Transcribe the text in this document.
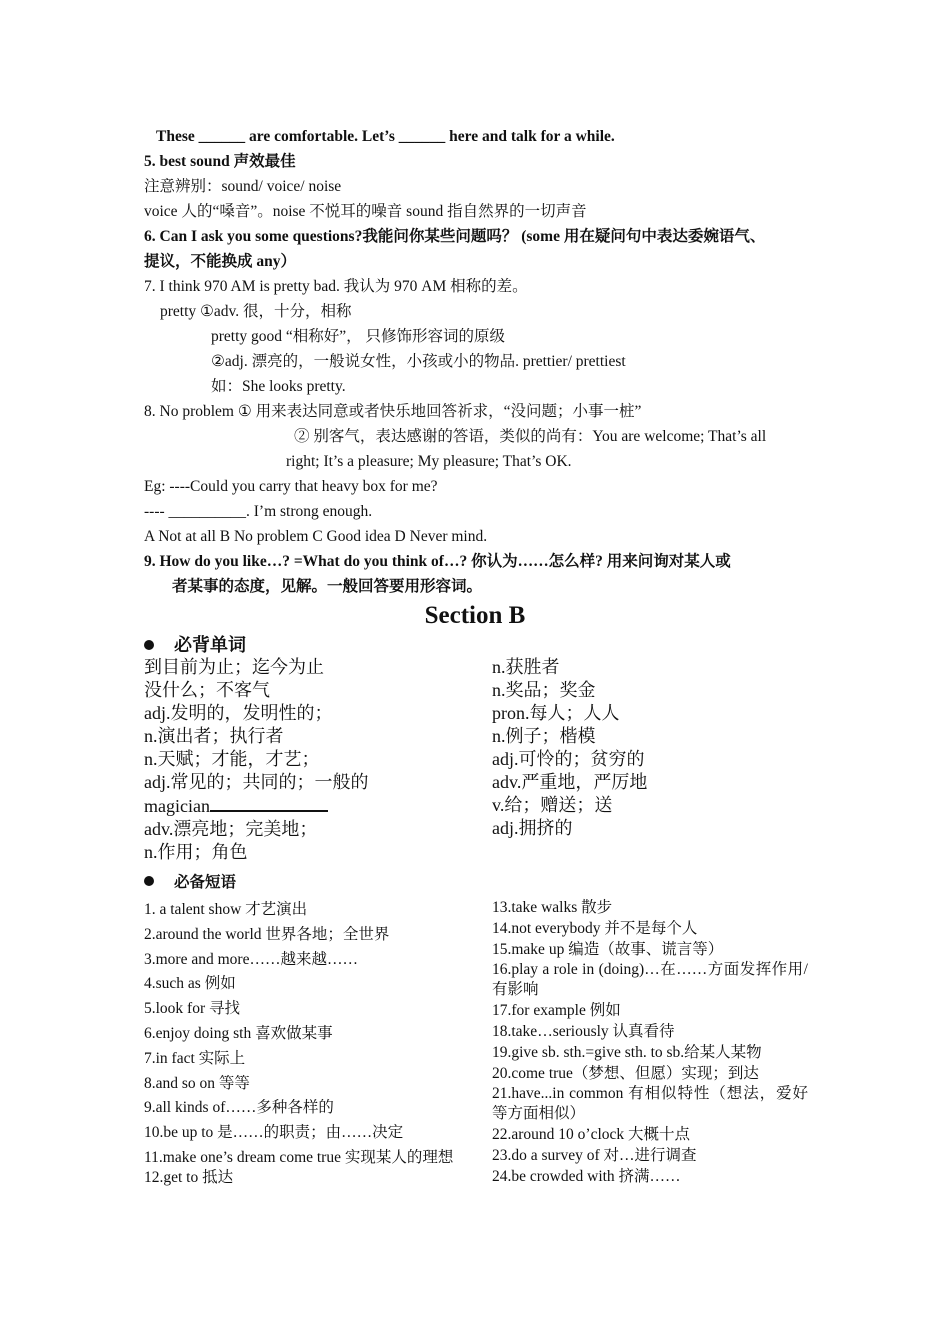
These ______ are comfortable. Let’s ______ here and talk for a while.
5. best sound 声效最佳
注意辨别：sound/ voice/ noise
voice 人的“嗓音”。noise 不悦耳的噪音 sound 指自然界的一切声音
6. Can I ask you some questions?我能问你某些问题吗？ (some 用在疑问句中表达委婉语气、
提议，不能换成 any）
7. I think 970 AM is pretty bad. 我认为 970 AM 相称的差。
pretty ①adv. 很，十分，相称
pretty good “相称好”， 只修饰形容词的原级
②adj. 漂亮的，一般说女性，小孩或小的物品. prettier/ prettiest
如：She looks pretty.
8. No problem ① 用来表达同意或者快乐地回答祈求，“没问题；小事一桩”
② 别客气，表达感谢的答语，类似的尚有：You are welcome; That’s all
right; It’s a pleasure; My pleasure; That’s OK.
Eg: ----Could you carry that heavy box for me?
---- __________. I’m strong enough.
A Not at all B No problem C Good idea D Never mind.
9. How do you like…? =What do you think of…? 你认为……怎么样? 用来问询对某人或
者某事的态度，见解。一般回答要用形容词。
Section B
必背单词
到目前为止；迄今为止
没什么；不客气
adj.发明的，发明性的；
n.演出者；执行者
n.天赋；才能，才艺；
adj.常见的；共同的；一般的
magician
adv.漂亮地；完美地；
n.作用；角色
n.获胜者
n.奖品；奖金
pron.每人；人人
n.例子；楷模
adj.可怜的；贫穷的
adv.严重地，严厉地
v.给；赠送；送
adj.拥挤的
必备短语
1. a talent show 才艺演出
2.around the world 世界各地；全世界
3.more and more……越来越……
4.such as 例如
5.look for 寻找
6.enjoy doing sth 喜欢做某事
7.in fact 实际上
8.and so on 等等
9.all kinds of……多种各样的
10.be up to 是……的职责；由……决定
11.make one’s dream come true 实现某人的理想
12.get to 抵达
13.take walks 散步
14.not everybody 并不是每个人
15.make up 编造（故事、谎言等）
16.play a role in (doing)…在……方面发挥作用/有影响
17.for example 例如
18.take…seriously 认真看待
19.give sb. sth.=give sth. to sb.给某人某物
20.come true（梦想、但愿）实现；到达
21.have...in common 有相似特性（想法，爱好等方面相似）
22.around 10 o’clock 大概十点
23.do a survey of 对…进行调查
24.be crowded with 挤满……
